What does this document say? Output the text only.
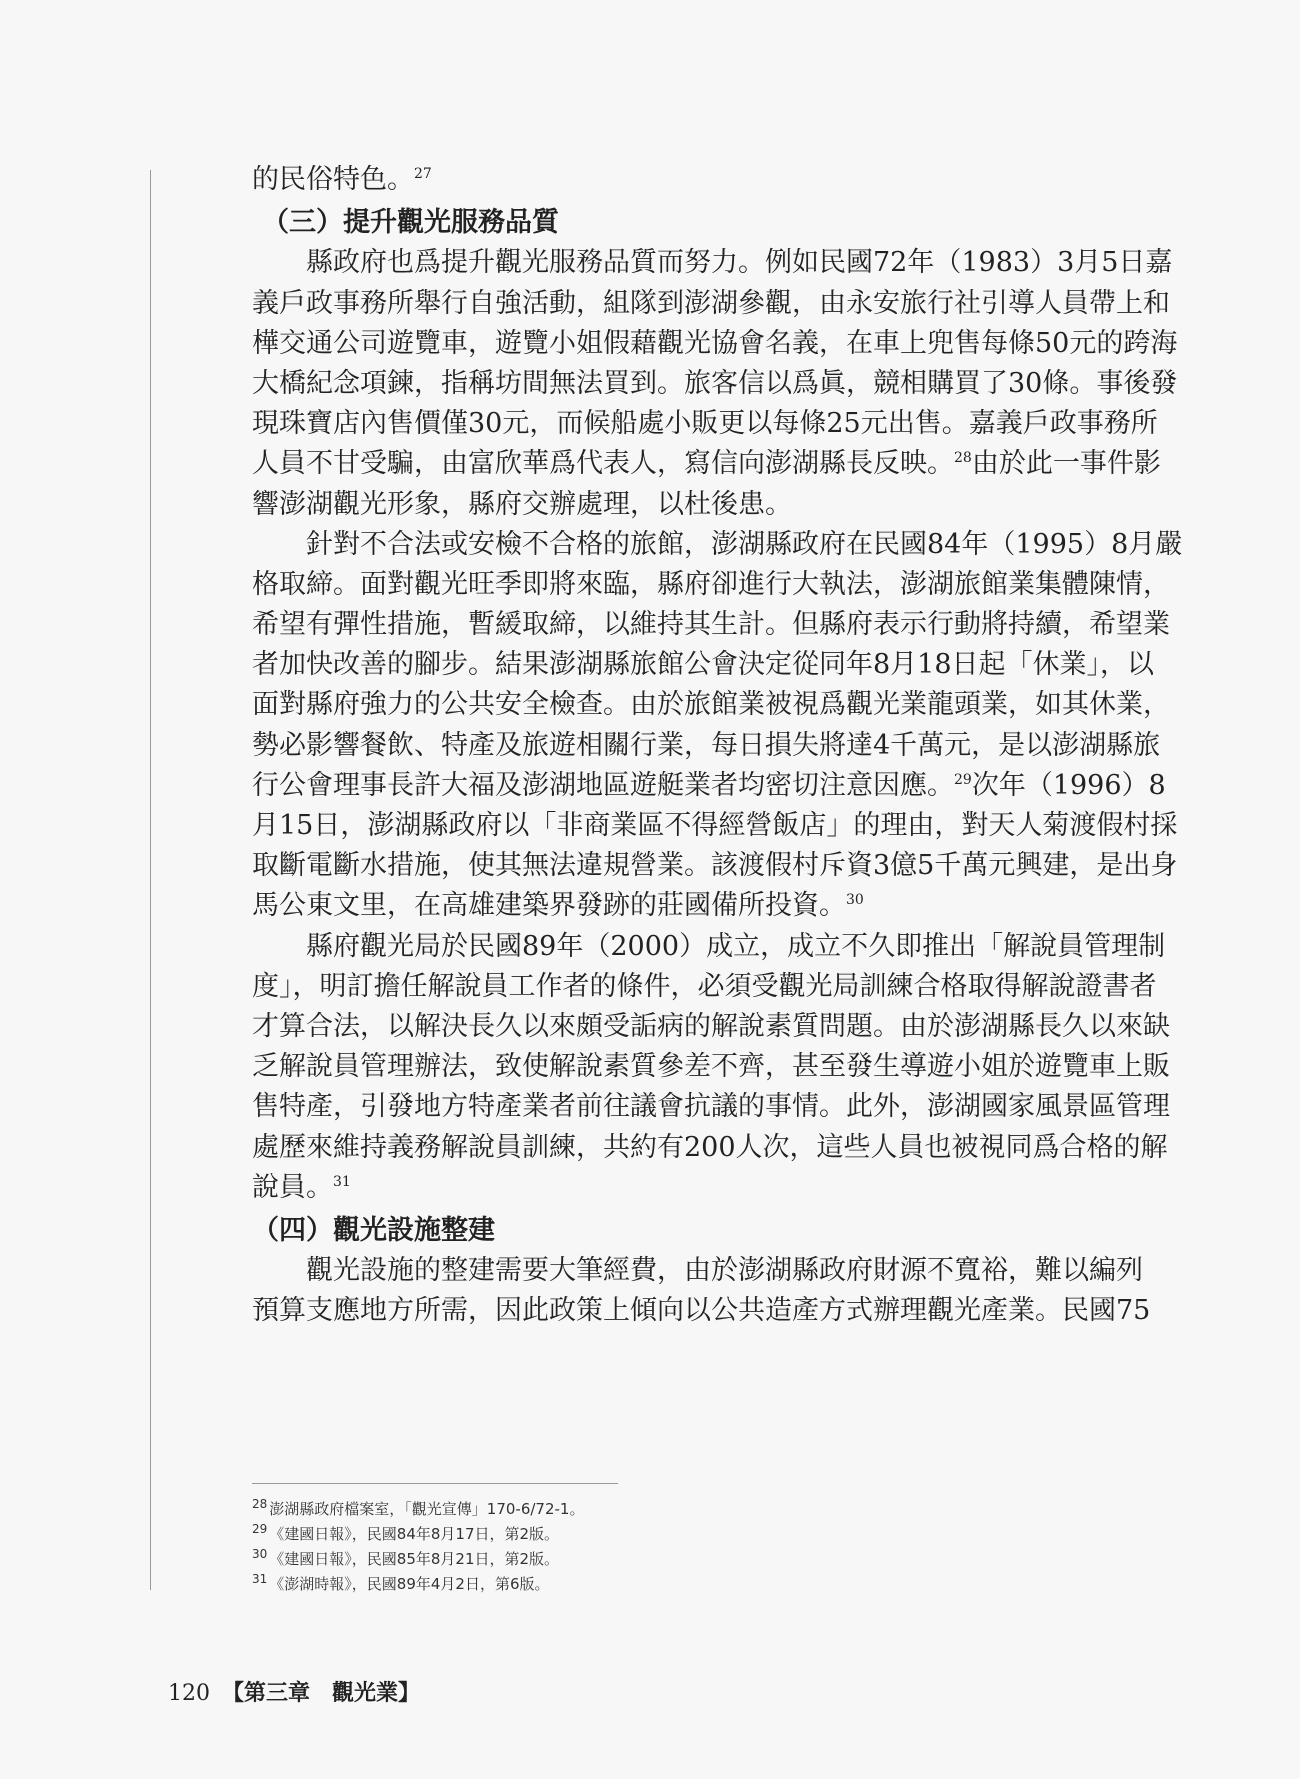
的民俗特色。$^{27}$
（三）提升觀光服務品質
縣政府也爲提升觀光服務品質而努力。例如民國72年（1983）3月5日嘉
義戶政事務所舉行自強活動，組隊到澎湖參觀，由永安旅行社引導人員帶上和
樺交通公司遊覽車，遊覽小姐假藉觀光協會名義，在車上兜售每條50元的跨海
大橋紀念項鍊，指稱坊間無法買到。旅客信以爲眞，競相購買了30條。事後發
現珠寶店內售價僅30元，而候船處小販更以每條25元出售。嘉義戶政事務所
人員不甘受騙，由富欣華爲代表人，寫信向澎湖縣長反映。$^{28}$由於此一事件影
響澎湖觀光形象，縣府交辦處理，以杜後患。
針對不合法或安檢不合格的旅館，澎湖縣政府在民國84年（1995）8月嚴
格取締。面對觀光旺季即將來臨，縣府卻進行大執法，澎湖旅館業集體陳情，
希望有彈性措施，暫緩取締，以維持其生計。但縣府表示行動將持續，希望業
者加快改善的腳步。結果澎湖縣旅館公會決定從同年8月18日起「休業」，以
面對縣府強力的公共安全檢查。由於旅館業被視爲觀光業龍頭業，如其休業，
勢必影響餐飲、特產及旅遊相關行業，每日損失將達4千萬元，是以澎湖縣旅
行公會理事長許大福及澎湖地區遊艇業者均密切注意因應。$^{29}$次年（1996）8
月15日，澎湖縣政府以「非商業區不得經營飯店」的理由，對天人菊渡假村採
取斷電斷水措施，使其無法違規營業。該渡假村斥資3億5千萬元興建，是出身
馬公東文里，在高雄建築界發跡的莊國備所投資。$^{30}$
縣府觀光局於民國89年（2000）成立，成立不久即推出「解說員管理制
度」，明訂擔任解說員工作者的條件，必須受觀光局訓練合格取得解說證書者
才算合法，以解決長久以來頗受詬病的解說素質問題。由於澎湖縣長久以來缺
乏解說員管理辦法，致使解說素質參差不齊，甚至發生導遊小姐於遊覽車上販
售特產，引發地方特產業者前往議會抗議的事情。此外，澎湖國家風景區管理
處歷來維持義務解說員訓練，共約有200人次，這些人員也被視同爲合格的解
說員。$^{31}$
（四）觀光設施整建
觀光設施的整建需要大筆經費，由於澎湖縣政府財源不寬裕，難以編列
預算支應地方所需，因此政策上傾向以公共造產方式辦理觀光產業。民國75
$^{28}$ 澎湖縣政府檔案室，「觀光宣傳」170-6/72-1。
$^{29}$ 《建國日報》，民國84年8月17日，第2版。
$^{30}$ 《建國日報》，民國85年8月21日，第2版。
$^{31}$ 《澎湖時報》，民國89年4月2日，第6版。
120 【第三章　觀光業】
